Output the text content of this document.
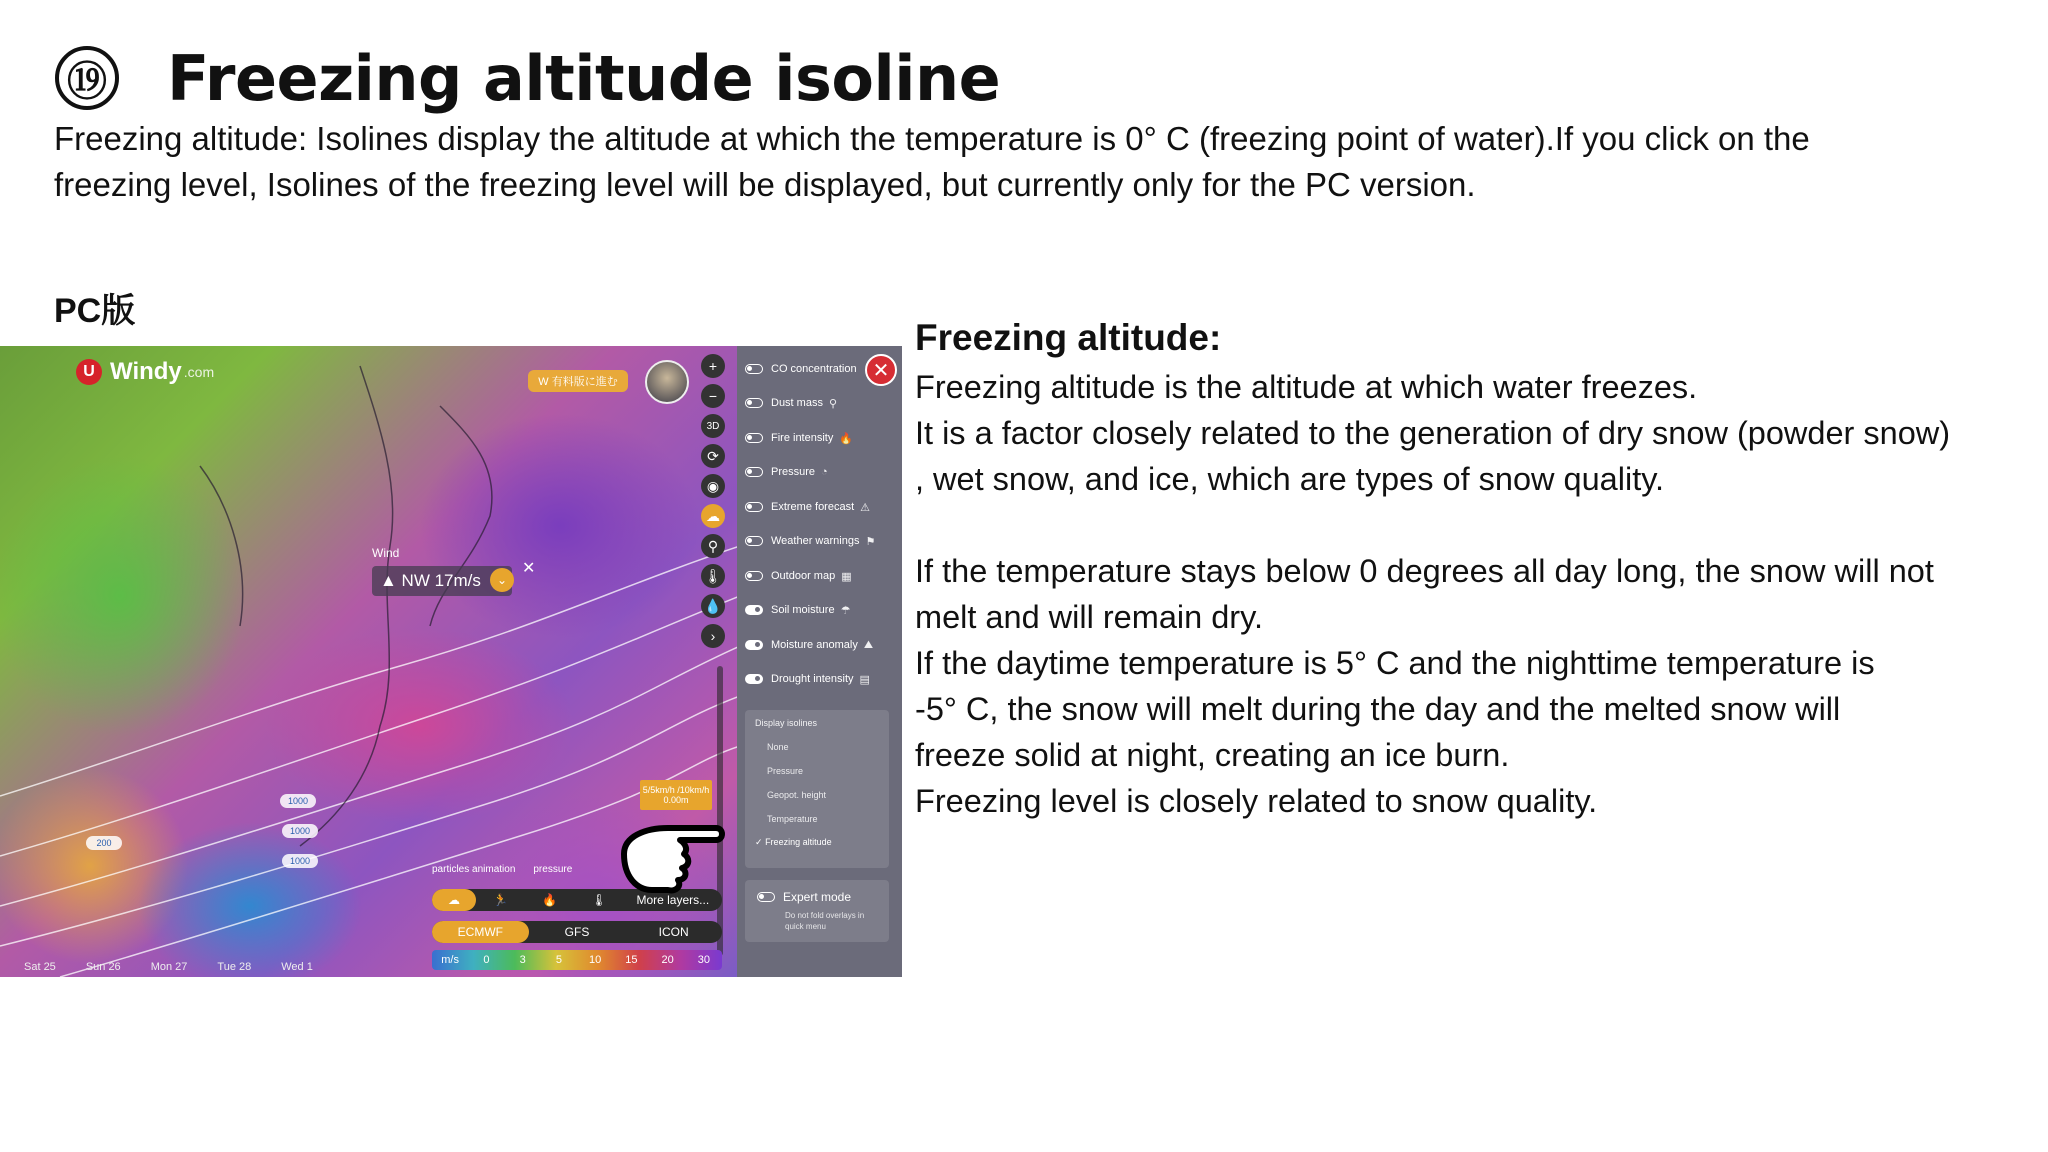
⑲ Freezing altitude isoline
Freezing altitude: Isolines display the altitude at which the temperature is 0° C (freezing point of water).If you click on the
freezing level, Isolines of the freezing level will be displayed, but currently only for the PC version.
PC版
Freezing altitude:
Freezing altitude is the altitude at which water freezes.
It is a factor closely related to the generation of dry snow (powder snow)
, wet snow, and ice, which are types of snow quality.
If the temperature stays below 0 degrees all day long, the snow will not
melt and will remain dry.
If the daytime temperature is 5° C and the nighttime temperature is
-5° C, the snow will melt during the day and the melted snow will
freeze solid at night, creating an ice burn.
Freezing level is closely related to snow quality.
U Windy .com
W 有料版に進む
Wind
▲ NW 17m/s	⌄
✕
1000
1000
1000
200
5/5km/h /10km/h 0.00m
+
−
3D
⟳
◉
☁
⚲
🌡
💧
›
particles animation pressure
☁	🏃	🔥	🌡	More layers...
ECMWF	GFS	ICON
m/s	0	3	5	10	15	20	30
Sat 25	Sun 26	Mon 27	Tue 28	Wed 1
✕
CO concentration
Dust mass ⚲
Fire intensity 🔥
Pressure ◔
Extreme forecast ⚠
Weather warnings ⚑
Outdoor map ▦
Soil moisture ☂
Moisture anomaly ⛰
Drought intensity ▤
Display isolines
None
Pressure
Geopot. height
Temperature
✓ Freezing altitude
Expert mode
Do not fold overlays in quick menu
